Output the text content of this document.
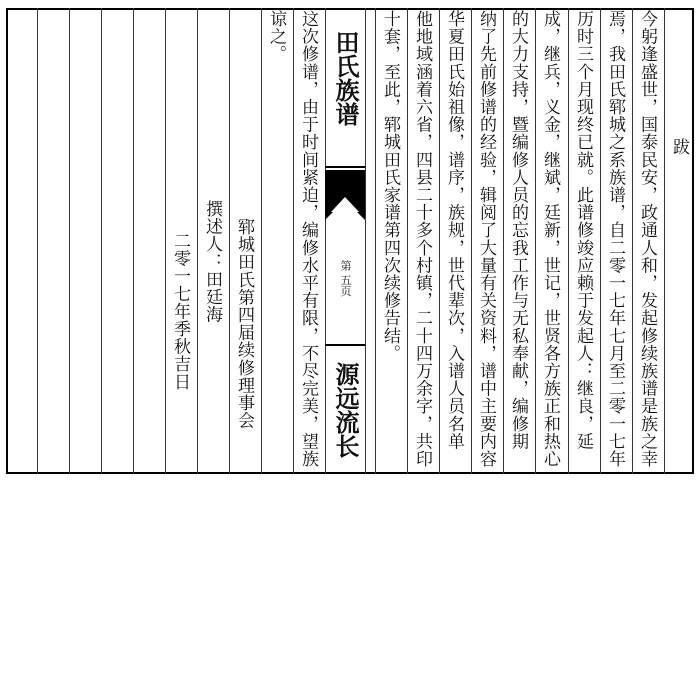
跋
今躬逢盛世，国泰民安，政通人和，发起修续族谱是族之幸
焉，我田氏郓城之系族谱，自二零一七年七月至二零一七年
历时三个月现终已就。此谱修竣应赖于发起人：继良，延
成，继兵，义金，继斌，廷新，世记，世贤各方族正和热心
的大力支持，暨编修人员的忘我工作与无私奉献，编修期
纳了先前修谱的经验，辑阅了大量有关资料，谱中主要内容
华夏田氏始祖像，谱序，族规，世代辈次，入谱人员名单
他地域涵着六省，四县二十多个村镇，二十四万余字，共印
十套，至此，郓城田氏家谱第四次续修告结。
田氏族谱
第 五页
源远流长
这次修谱，由于时间紧迫，编修水平有限，不尽完美，望族
谅之。
郓城田氏第四届续修理事会
撰述人：田廷海
二零一七年季秋吉日
